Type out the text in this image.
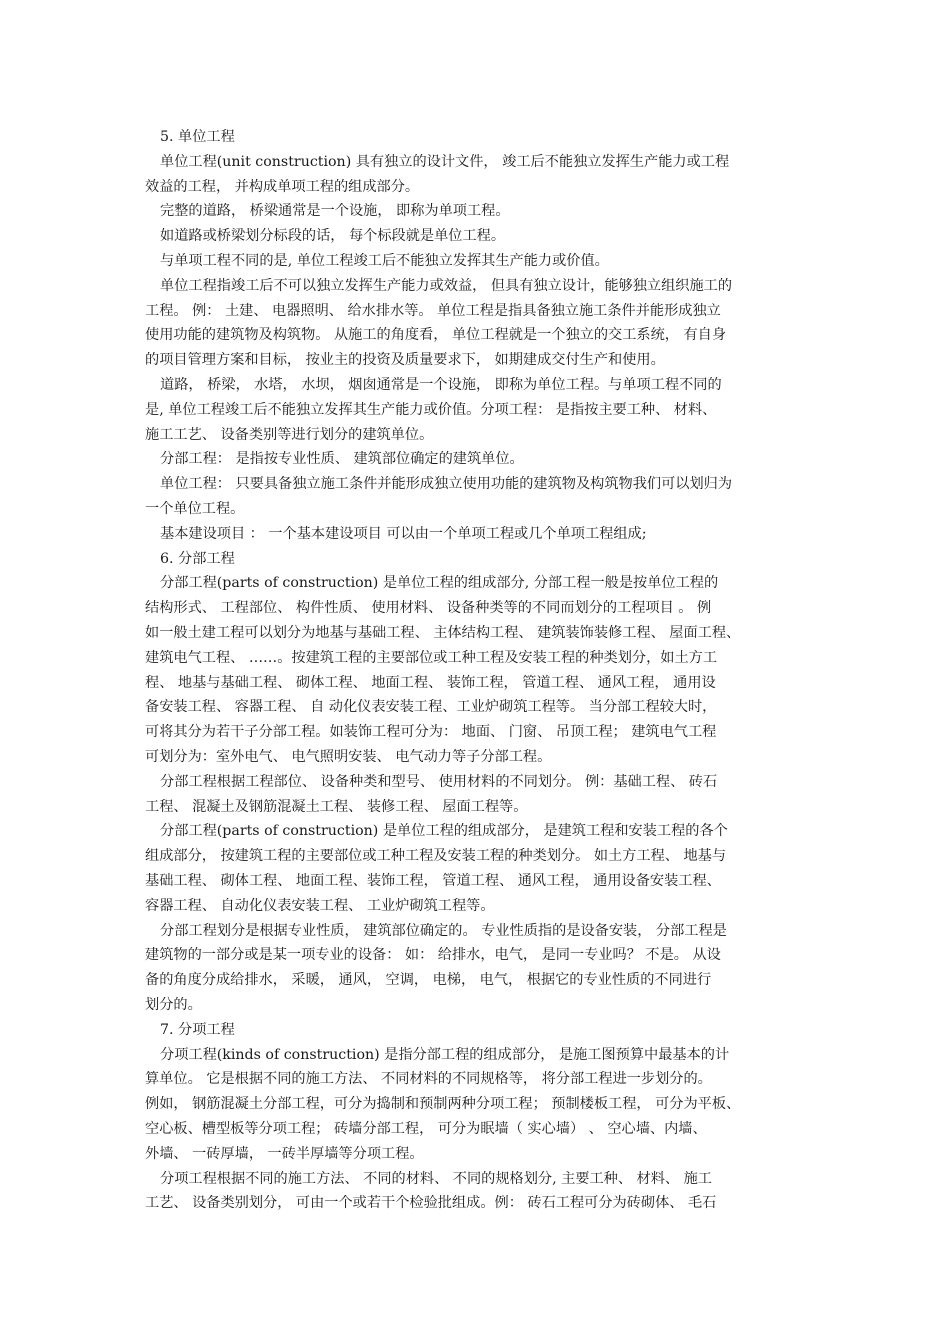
5. 单位工程
单位工程(unit construction) 具有独立的设计文件， 竣工后不能独立发挥生产能力或工程
效益的工程， 并构成单项工程的组成部分。
完整的道路， 桥梁通常是一个设施， 即称为单项工程。
如道路或桥梁划分标段的话， 每个标段就是单位工程。
与单项工程不同的是, 单位工程竣工后不能独立发挥其生产能力或价值。
单位工程指竣工后不可以独立发挥生产能力或效益， 但具有独立设计，能够独立组织施工的
工程。 例： 土建、 电器照明、 给水排水等。 单位工程是指具备独立施工条件并能形成独立
使用功能的建筑物及构筑物。 从施工的角度看， 单位工程就是一个独立的交工系统， 有自身
的项目管理方案和目标， 按业主的投资及质量要求下， 如期建成交付生产和使用。
道路， 桥梁， 水塔， 水坝， 烟囱通常是一个设施， 即称为单位工程。与单项工程不同的
是, 单位工程竣工后不能独立发挥其生产能力或价值。分项工程： 是指按主要工种、 材料、
施工工艺、 设备类别等进行划分的建筑单位。
分部工程： 是指按专业性质、 建筑部位确定的建筑单位。
单位工程： 只要具备独立施工条件并能形成独立使用功能的建筑物及构筑物我们可以划归为
一个单位工程。
基本建设项目 ： 一个基本建设项目 可以由一个单项工程或几个单项工程组成;
6. 分部工程
分部工程(parts of construction) 是单位工程的组成部分, 分部工程一般是按单位工程的
结构形式、 工程部位、 构件性质、 使用材料、 设备种类等的不同而划分的工程项目 。 例
如一般土建工程可以划分为地基与基础工程、 主体结构工程、 建筑装饰装修工程、 屋面工程、
建筑电气工程、 ……。按建筑工程的主要部位或工种工程及安装工程的种类划分，如土方工
程、 地基与基础工程、 砌体工程、 地面工程、 装饰工程， 管道工程、 通风工程， 通用设
备安装工程、 容器工程、 自 动化仪表安装工程、工业炉砌筑工程等。 当分部工程较大时，
可将其分为若干子分部工程。如装饰工程可分为： 地面、 门窗、 吊顶工程； 建筑电气工程
可划分为：室外电气、 电气照明安装、 电气动力等子分部工程。
分部工程根据工程部位、 设备种类和型号、 使用材料的不同划分。 例：基础工程、 砖石
工程、 混凝土及钢筋混凝土工程、 装修工程、 屋面工程等。
分部工程(parts of construction) 是单位工程的组成部分， 是建筑工程和安装工程的各个
组成部分， 按建筑工程的主要部位或工种工程及安装工程的种类划分。 如土方工程、 地基与
基础工程、 砌体工程、 地面工程、装饰工程， 管道工程、 通风工程， 通用设备安装工程、
容器工程、 自动化仪表安装工程、 工业炉砌筑工程等。
分部工程划分是根据专业性质， 建筑部位确定的。 专业性质指的是设备安装， 分部工程是
建筑物的一部分或是某一项专业的设备： 如： 给排水，电气， 是同一专业吗？ 不是。 从设
备的角度分成给排水， 采暖， 通风， 空调， 电梯， 电气， 根据它的专业性质的不同进行
划分的。
7. 分项工程
分项工程(kinds of construction) 是指分部工程的组成部分， 是施工图预算中最基本的计
算单位。 它是根据不同的施工方法、 不同材料的不同规格等， 将分部工程进一步划分的。
例如， 钢筋混凝土分部工程，可分为捣制和预制两种分项工程； 预制楼板工程， 可分为平板、
空心板、槽型板等分项工程； 砖墙分部工程， 可分为眠墙（ 实心墙） 、 空心墙、内墙、
外墙、 一砖厚墙， 一砖半厚墙等分项工程。
分项工程根据不同的施工方法、 不同的材料、 不同的规格划分, 主要工种、 材料、 施工
工艺、 设备类别划分， 可由一个或若干个检验批组成。例： 砖石工程可分为砖砌体、 毛石
